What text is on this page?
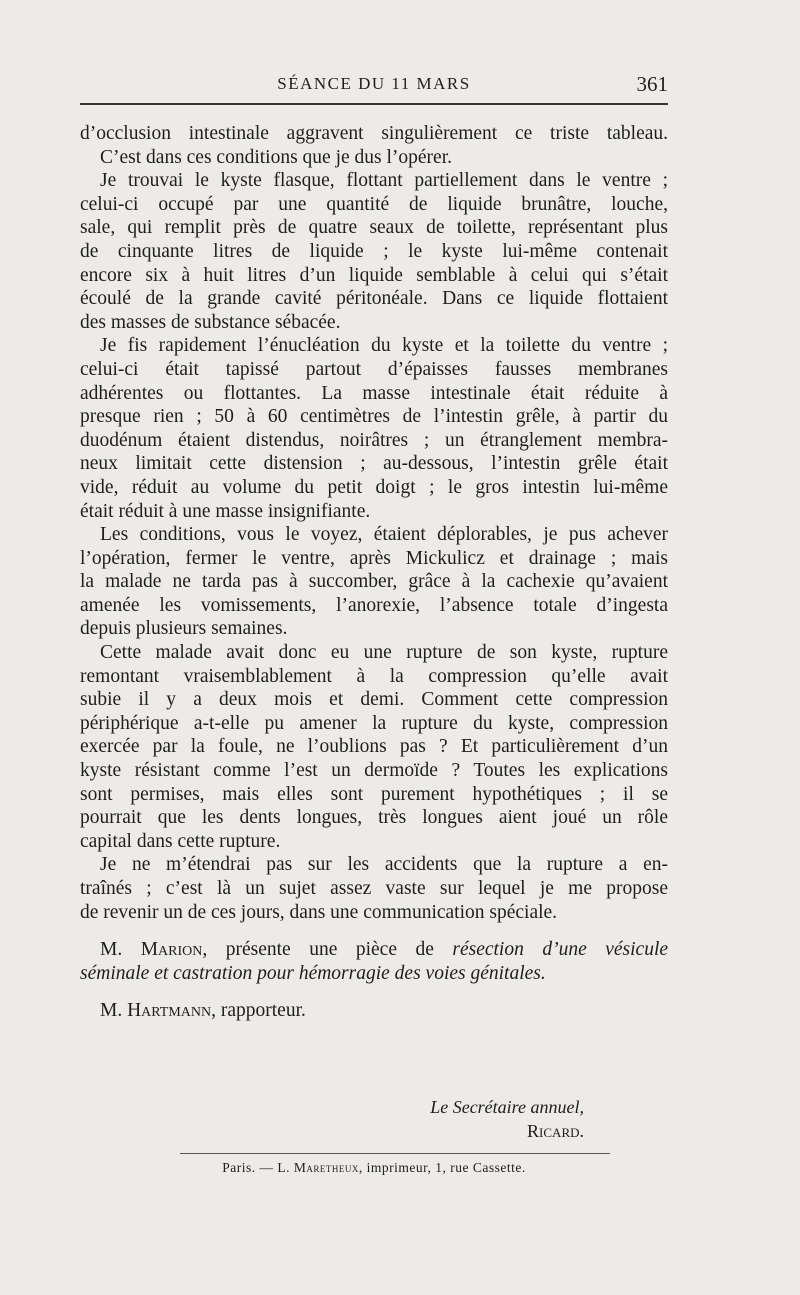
SÉANCE DU 11 MARS	361

d’occlusion intestinale aggravent singulièrement ce triste tableau.
C’est dans ces conditions que je dus l’opérer.

Je trouvai le kyste flasque, flottant partiellement dans le ventre ;
celui-ci occupé par une quantité de liquide brunâtre, louche,
sale, qui remplit près de quatre seaux de toilette, représentant plus
de cinquante litres de liquide ; le kyste lui-même contenait
encore six à huit litres d’un liquide semblable à celui qui s’était
écoulé de la grande cavité péritonéale. Dans ce liquide flottaient
des masses de substance sébacée.

Je fis rapidement l’énucléation du kyste et la toilette du ventre ;
celui-ci était tapissé partout d’épaisses fausses membranes
adhérentes ou flottantes. La masse intestinale était réduite à
presque rien ; 50 à 60 centimètres de l’intestin grêle, à partir du
duodénum étaient distendus, noirâtres ; un étranglement membra-
neux limitait cette distension ; au-dessous, l’intestin grêle était
vide, réduit au volume du petit doigt ; le gros intestin lui-même
était réduit à une masse insignifiante.

Les conditions, vous le voyez, étaient déplorables, je pus achever
l’opération, fermer le ventre, après Mickulicz et drainage ; mais
la malade ne tarda pas à succomber, grâce à la cachexie qu’avaient
amenée les vomissements, l’anorexie, l’absence totale d’ingesta
depuis plusieurs semaines.

Cette malade avait donc eu une rupture de son kyste, rupture
remontant vraisemblablement à la compression qu’elle avait
subie il y a deux mois et demi. Comment cette compression
périphérique a-t-elle pu amener la rupture du kyste, compression
exercée par la foule, ne l’oublions pas ? Et particulièrement d’un
kyste résistant comme l’est un dermoïde ? Toutes les explications
sont permises, mais elles sont purement hypothétiques ; il se
pourrait que les dents longues, très longues aient joué un rôle
capital dans cette rupture.

Je ne m’étendrai pas sur les accidents que la rupture a en-
traînés ; c’est là un sujet assez vaste sur lequel je me propose
de revenir un de ces jours, dans une communication spéciale.

M. Marion, présente une pièce de résection d’une vésicule
séminale et castration pour hémorragie des voies génitales.

M. Hartmann, rapporteur.

Le Secrétaire annuel,
Ricard.
Paris. — L. Maretheux, imprimeur, 1, rue Cassette.
